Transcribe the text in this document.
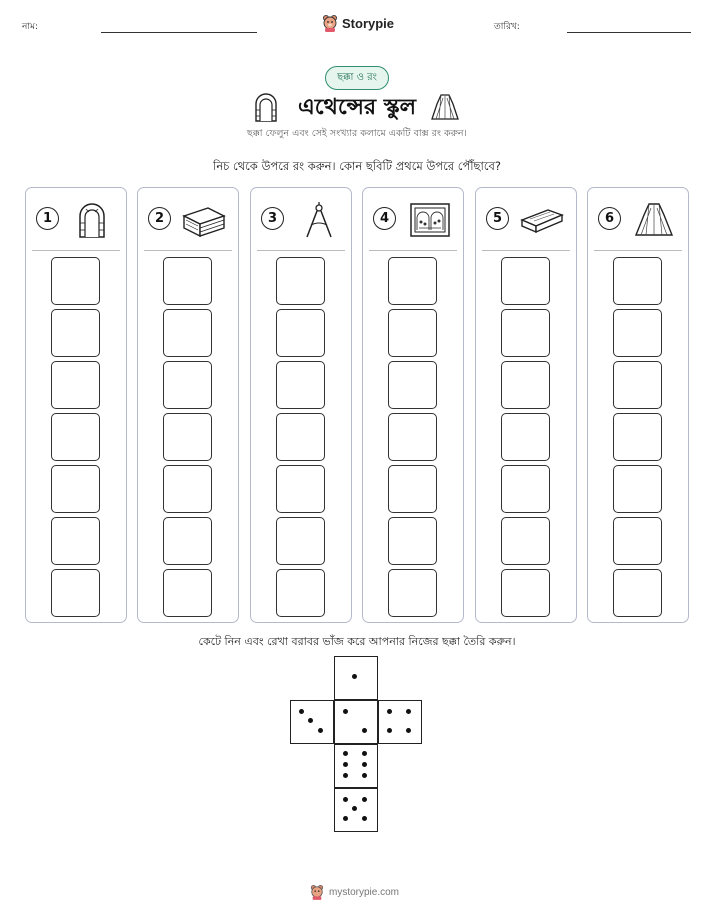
নাম:	Storypie	তারিখ:
ছক্কা ও রং
এথেন্সের স্কুল
ছক্কা ফেলুন এবং সেই সংখ্যার কলামে একটি বাক্স রং করুন।
নিচ থেকে উপরে রং করুন। কোন ছবিটি প্রথমে উপরে পৌঁছাবে?
1	2	3	4	5	6
কেটে নিন এবং রেখা বরাবর ভাঁজ করে আপনার নিজের ছক্কা তৈরি করুন।
mystorypie.com
